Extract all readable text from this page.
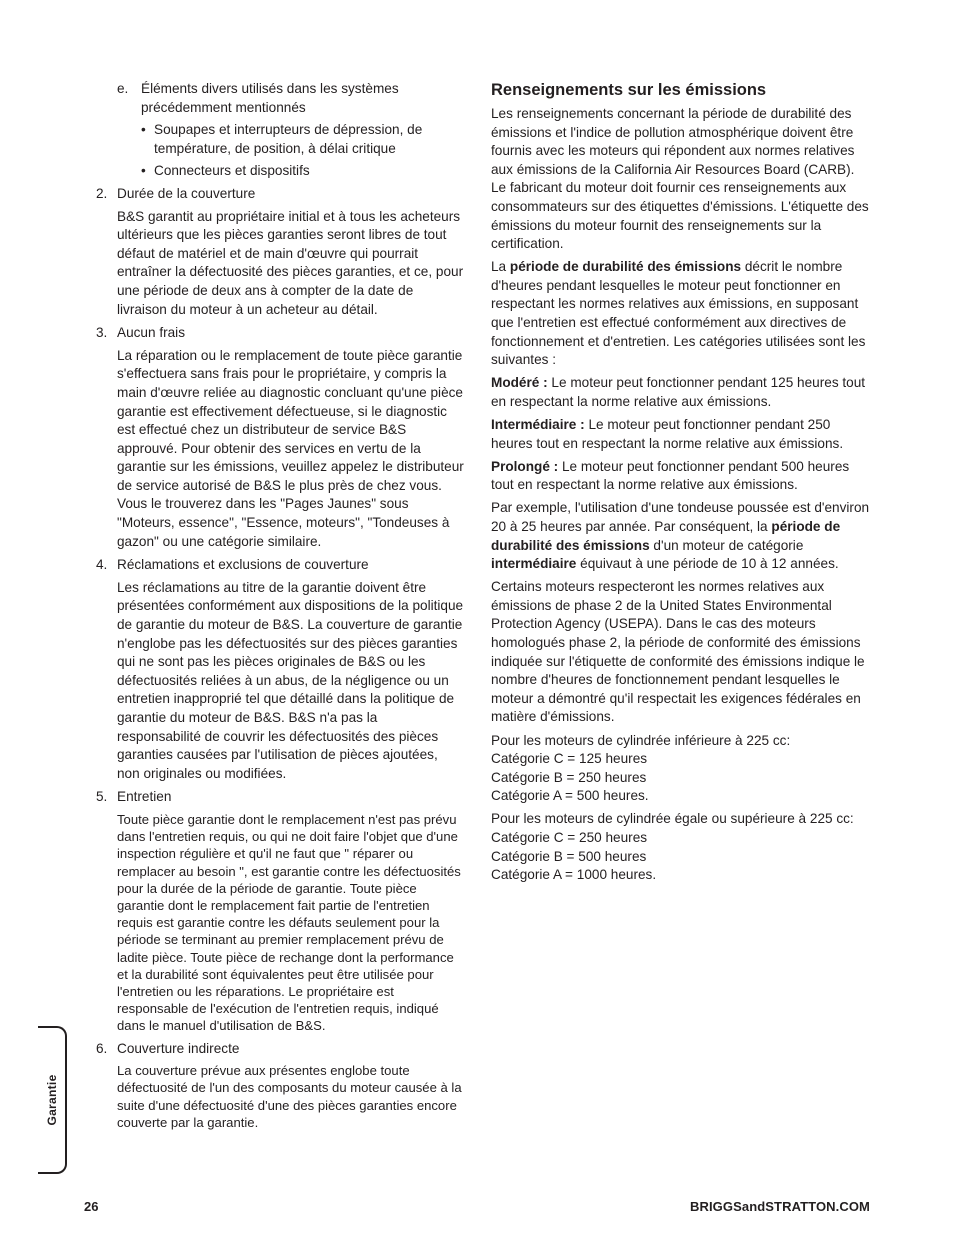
e. Éléments divers utilisés dans les systèmes précédemment mentionnés

• Soupapes et interrupteurs de dépression, de température, de position, à délai critique

• Connecteurs et dispositifs

2. Durée de la couverture

B&S garantit au propriétaire initial et à tous les acheteurs ultérieurs que les pièces garanties seront libres de tout défaut de matériel et de main d'œuvre qui pourrait entraîner la défectuosité des pièces garanties, et ce, pour une période de deux ans à compter de la date de livraison du moteur à un acheteur au détail.

3. Aucun frais

La réparation ou le remplacement de toute pièce garantie s'effectuera sans frais pour le propriétaire, y compris la main d'œuvre reliée au diagnostic concluant qu'une pièce garantie est effectivement défectueuse, si le diagnostic est effectué chez un distributeur de service B&S approuvé. Pour obtenir des services en vertu de la garantie sur les émissions, veuillez appelez le distributeur de service autorisé de B&S le plus près de chez vous. Vous le trouverez dans les "Pages Jaunes" sous "Moteurs, essence", "Essence, moteurs", "Tondeuses à gazon" ou une catégorie similaire.

4. Réclamations et exclusions de couverture

Les réclamations au titre de la garantie doivent être présentées conformément aux dispositions de la politique de garantie du moteur de B&S. La couverture de garantie n'englobe pas les défectuosités sur des pièces garanties qui ne sont pas les pièces originales de B&S ou les défectuosités reliées à un abus, de la négligence ou un entretien inapproprié tel que détaillé dans la politique de garantie du moteur de B&S. B&S n'a pas la responsabilité de couvrir les défectuosités des pièces garanties causées par l'utilisation de pièces ajoutées, non originales ou modifiées.

5. Entretien

Toute pièce garantie dont le remplacement n'est pas prévu dans l'entretien requis, ou qui ne doit faire l'objet que d'une inspection régulière et qu'il ne faut que " réparer ou remplacer au besoin ", est garantie contre les défectuosités pour la durée de la période de garantie. Toute pièce garantie dont le remplacement fait partie de l'entretien requis est garantie contre les défauts seulement pour la période se terminant au premier remplacement prévu de ladite pièce. Toute pièce de rechange dont la performance et la durabilité sont équivalentes peut être utilisée pour l'entretien ou les réparations. Le propriétaire est responsable de l'exécution de l'entretien requis, indiqué dans le manuel d'utilisation de B&S.

6. Couverture indirecte

La couverture prévue aux présentes englobe toute défectuosité de l'un des composants du moteur causée à la suite d'une défectuosité d'une des pièces garanties encore couverte par la garantie.

Renseignements sur les émissions

Les renseignements concernant la période de durabilité des émissions et l'indice de pollution atmosphérique doivent être fournis avec les moteurs qui répondent aux normes relatives aux émissions de la California Air Resources Board (CARB). Le fabricant du moteur doit fournir ces renseignements aux consommateurs sur des étiquettes d'émissions. L'étiquette des émissions du moteur fournit des renseignements sur la certification.

La période de durabilité des émissions décrit le nombre d'heures pendant lesquelles le moteur peut fonctionner en respectant les normes relatives aux émissions, en supposant que l'entretien est effectué conformément aux directives de fonctionnement et d'entretien. Les catégories utilisées sont les suivantes :

Modéré : Le moteur peut fonctionner pendant 125 heures tout en respectant la norme relative aux émissions.

Intermédiaire : Le moteur peut fonctionner pendant 250 heures tout en respectant la norme relative aux émissions.

Prolongé : Le moteur peut fonctionner pendant 500 heures tout en respectant la norme relative aux émissions.

Par exemple, l'utilisation d'une tondeuse poussée est d'environ 20 à 25 heures par année. Par conséquent, la période de durabilité des émissions d'un moteur de catégorie intermédiaire équivaut à une période de 10 à 12 années.

Certains moteurs respecteront les normes relatives aux émissions de phase 2 de la United States Environmental Protection Agency (USEPA). Dans le cas des moteurs homologués phase 2, la période de conformité des émissions indiquée sur l'étiquette de conformité des émissions indique le nombre d'heures de fonctionnement pendant lesquelles le moteur a démontré qu'il respectait les exigences fédérales en matière d'émissions.

Pour les moteurs de cylindrée inférieure à 225 cc:
Catégorie C = 125 heures
Catégorie B = 250 heures
Catégorie A = 500 heures.

Pour les moteurs de cylindrée égale ou supérieure à 225 cc:
Catégorie C = 250 heures
Catégorie B = 500 heures
Catégorie A = 1000 heures.

Garantie
26	BRIGGSandSTRATTON.COM
